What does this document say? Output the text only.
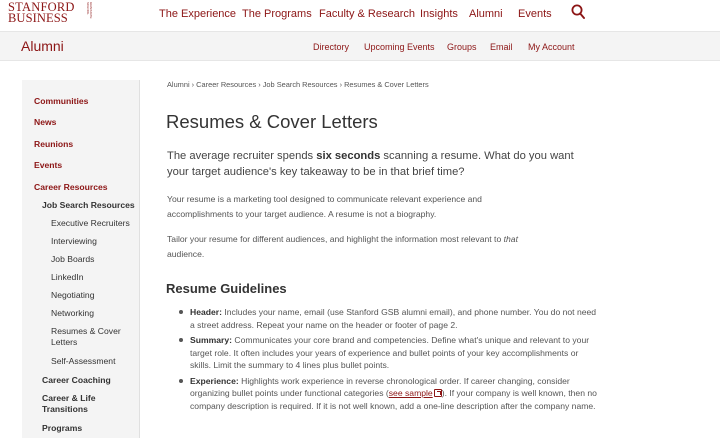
STANFORD
BUSINESS	GRADUATE SCHOOL	The Experience The Programs Faculty & Research Insights Alumni Events
Alumni	Directory Upcoming Events Groups Email My Account
Communities
News
Reunions
Events
Career Resources
Job Search Resources
Executive Recruiters
Interviewing
Job Boards
LinkedIn
Negotiating
Networking
Resumes & Cover Letters
Self-Assessment
Career Coaching
Career & Life Transitions
Programs
Alumni › Career Resources › Job Search Resources › Resumes & Cover Letters
Resumes & Cover Letters

The average recruiter spends six seconds scanning a resume. What do you want your target audience's key takeaway to be in that brief time?

Your resume is a marketing tool designed to communicate relevant experience and accomplishments to your target audience. A resume is not a biography.

Tailor your resume for different audiences, and highlight the information most relevant to that audience.

Resume Guidelines
Header: Includes your name, email (use Stanford GSB alumni email), and phone number. You do not need a street address. Repeat your name on the header or footer of page 2.
Summary: Communicates your core brand and competencies. Define what's unique and relevant to your target role. It often includes your years of experience and bullet points of your key accomplishments or skills. Limit the summary to 4 lines plus bullet points.
Experience: Highlights work experience in reverse chronological order. If career changing, consider organizing bullet points under functional categories (see sample ). If your company is well known, then no company description is required. If it is not well known, add a one-line description after the company name.
